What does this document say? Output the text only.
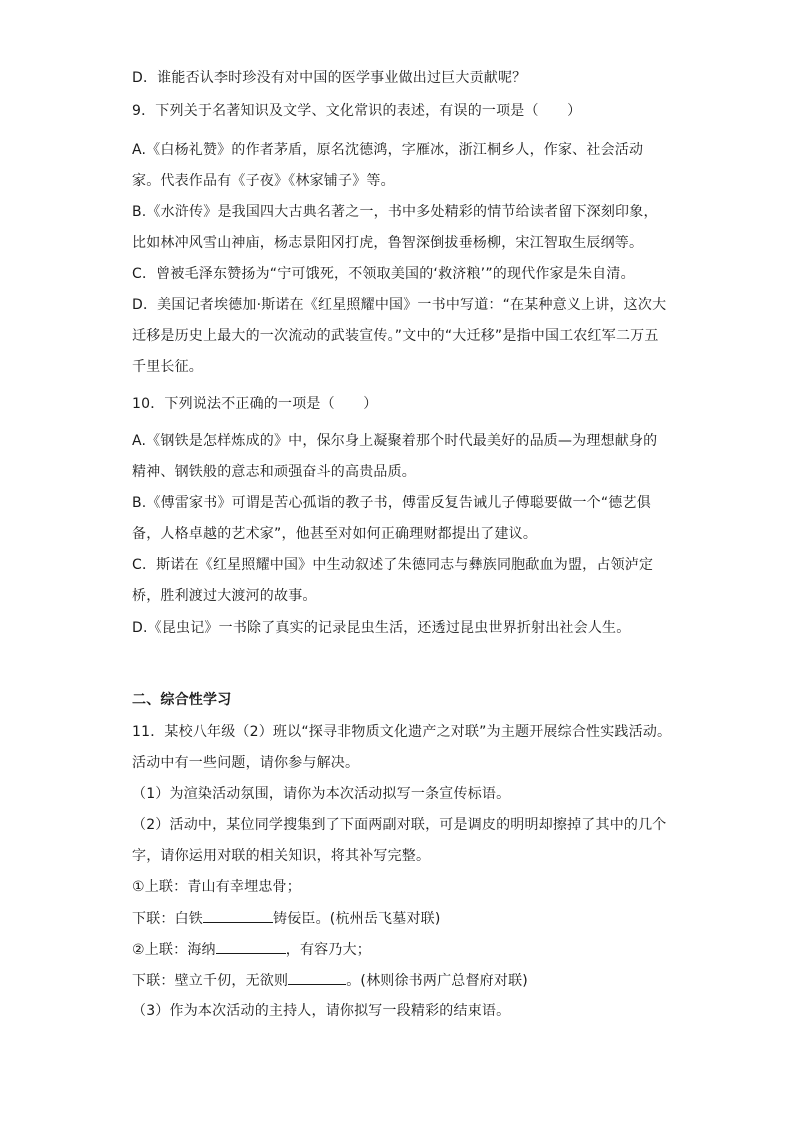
D．谁能否认李时珍没有对中国的医学事业做出过巨大贡献呢？
9．下列关于名著知识及文学、文化常识的表述，有误的一项是（　　）
A.《白杨礼赞》的作者茅盾，原名沈德鸿，字雁冰，浙江桐乡人，作家、社会活动
家。代表作品有《子夜》《林家铺子》等。
B.《水浒传》是我国四大古典名著之一，书中多处精彩的情节给读者留下深刻印象，
比如林冲风雪山神庙，杨志景阳冈打虎，鲁智深倒拔垂杨柳，宋江智取生辰纲等。
C．曾被毛泽东赞扬为“宁可饿死，不领取美国的‘救济粮’”的现代作家是朱自清。
D．美国记者埃德加·斯诺在《红星照耀中国》一书中写道：“在某种意义上讲，这次大
迁移是历史上最大的一次流动的武装宣传。”文中的“大迁移”是指中国工农红军二万五
千里长征。
10．下列说法不正确的一项是（　　）
A.《钢铁是怎样炼成的》中，保尔身上凝聚着那个时代最美好的品质—为理想献身的
精神、钢铁般的意志和顽强奋斗的高贵品质。
B.《傅雷家书》可谓是苦心孤诣的教子书，傅雷反复告诫儿子傅聪要做一个“德艺俱
备，人格卓越的艺术家”，他甚至对如何正确理财都提出了建议。
C．斯诺在《红星照耀中国》中生动叙述了朱德同志与彝族同胞歃血为盟，占领泸定
桥，胜利渡过大渡河的故事。
D.《昆虫记》一书除了真实的记录昆虫生活，还透过昆虫世界折射出社会人生。
二、综合性学习
11．某校八年级（2）班以“探寻非物质文化遗产之对联”为主题开展综合性实践活动。
活动中有一些问题，请你参与解决。
（1）为渲染活动氛围，请你为本次活动拟写一条宣传标语。
（2）活动中，某位同学搜集到了下面两副对联，可是调皮的明明却擦掉了其中的几个
字，请你运用对联的相关知识，将其补写完整。
①上联：青山有幸埋忠骨；
下联：白铁	铸佞臣。(杭州岳飞墓对联)
②上联：海纳	，有容乃大；
下联：壁立千仞，无欲则	。(林则徐书两广总督府对联)
（3）作为本次活动的主持人，请你拟写一段精彩的结束语。
